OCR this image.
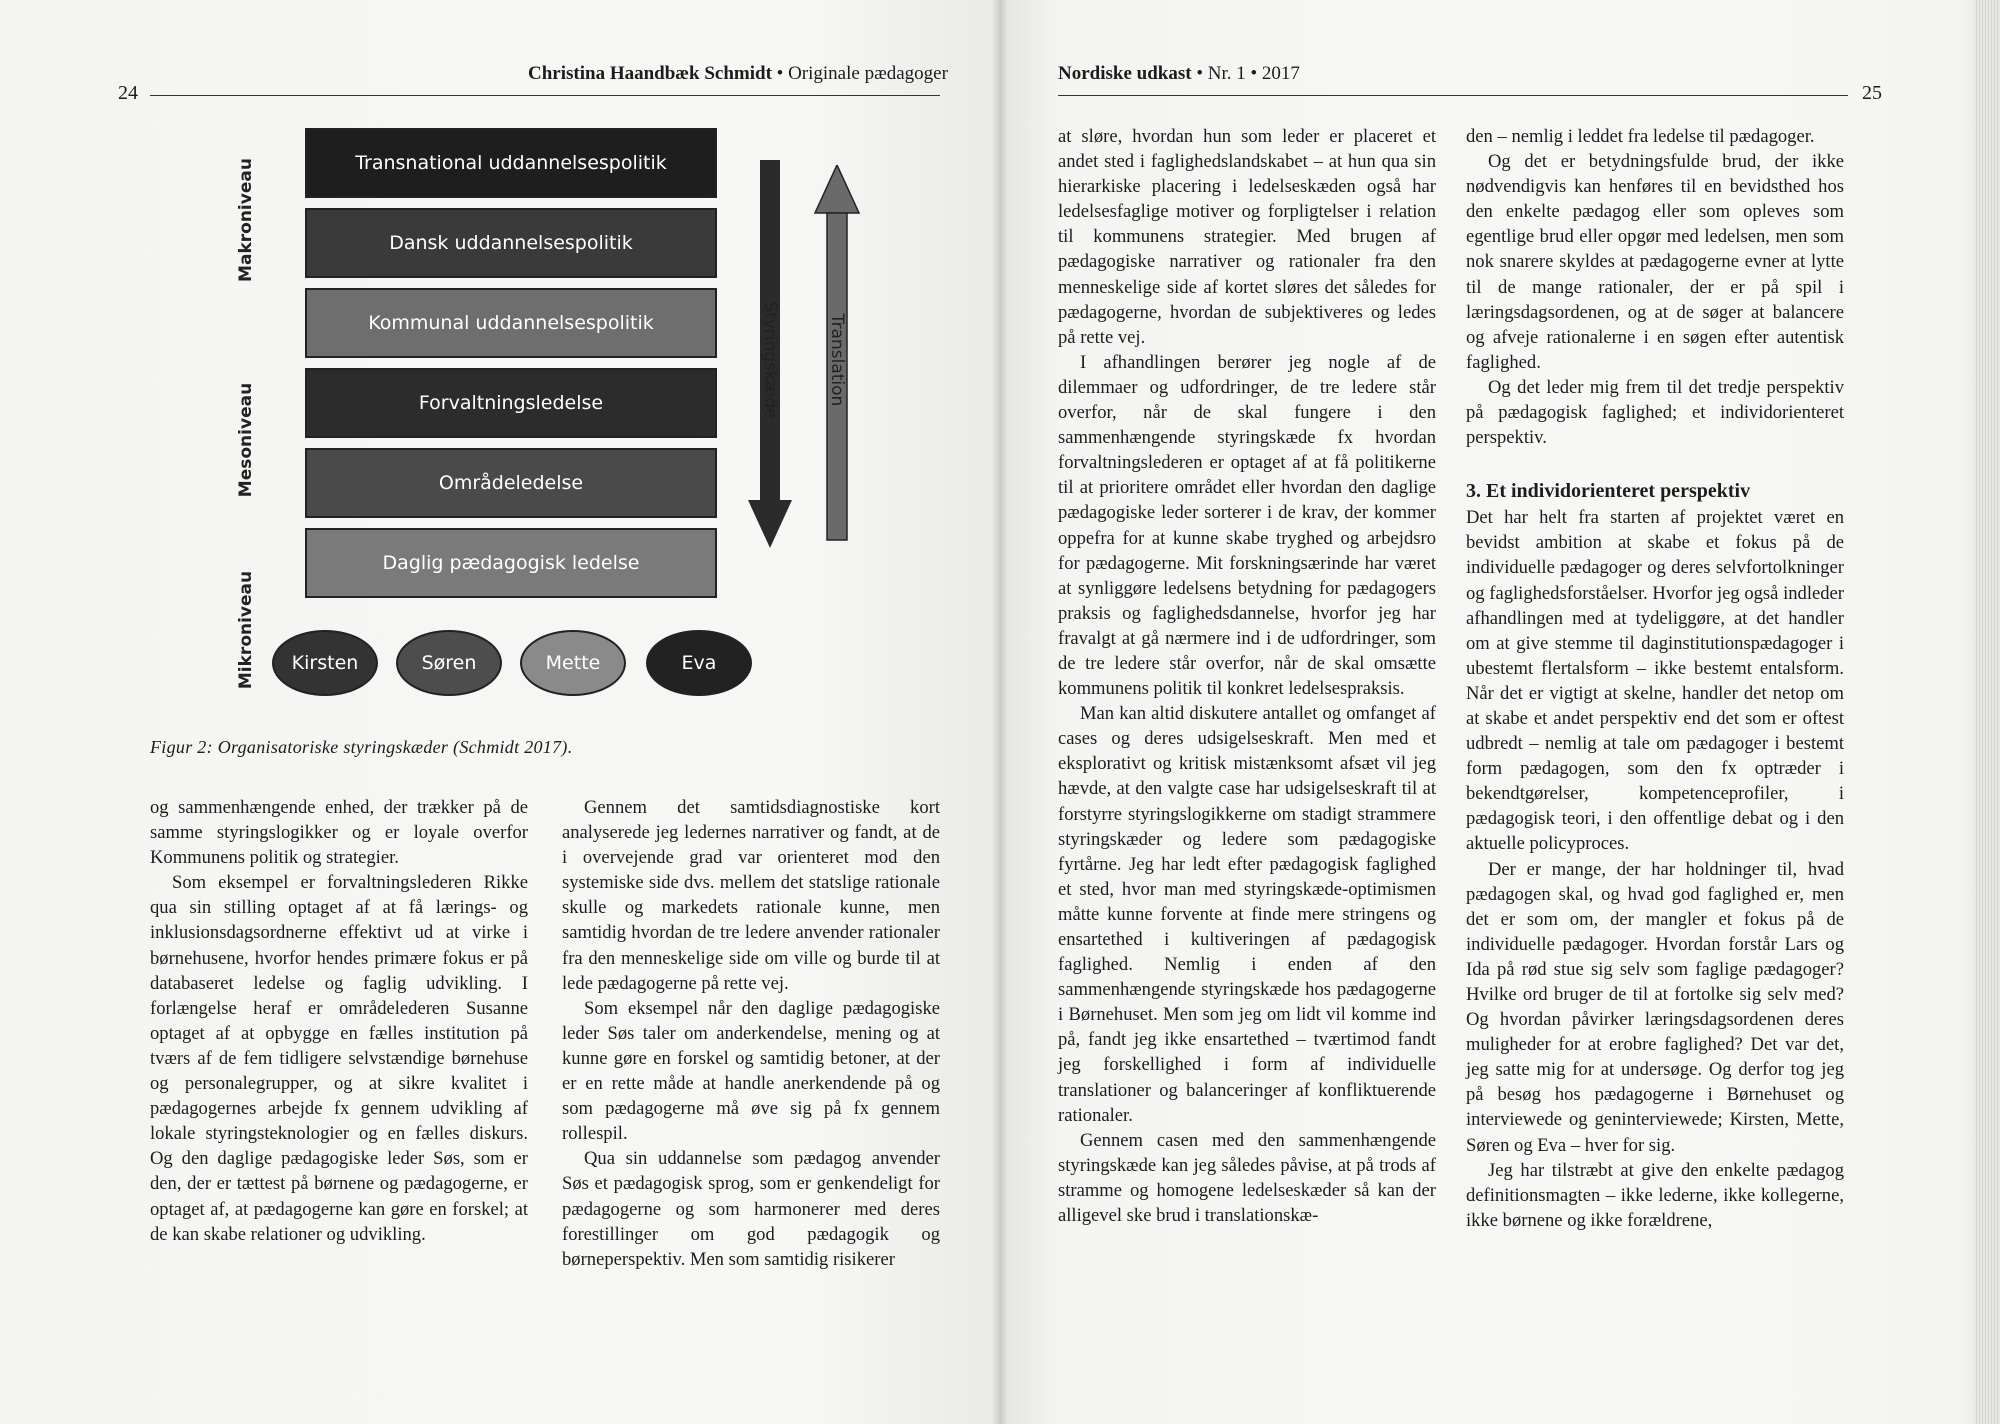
24
Christina Haandbæk Schmidt • Originale pædagoger
Makroniveau
Mesoniveau
Mikroniveau
Transnational uddannelsespolitik
Dansk uddannelsespolitik
Kommunal uddannelsespolitik
Forvaltningsledelse
Områdeledelse
Daglig pædagogisk ledelse
Kirsten	Søren	Mette	Eva
Styringskæde	Translation
Figur 2: Organisatoriske styringskæder (Schmidt 2017).

og sammenhængende enhed, der trækker på de samme styringslogikker og er loyale overfor Kommunens politik og strategier.

Som eksempel er forvaltningslederen Rikke qua sin stilling optaget af at få lærings- og inklusionsdagsordnerne effektivt ud at virke i børnehusene, hvorfor hendes primære fokus er på databaseret ledelse og faglig udvikling. I forlængelse heraf er områdelederen Susanne optaget af at opbygge en fælles institution på tværs af de fem tidligere selvstændige børnehuse og personalegrupper, og at sikre kvalitet i pædagogernes arbejde fx gennem udvikling af lokale styringsteknologier og en fælles diskurs. Og den daglige pædagogiske leder Søs, som er den, der er tættest på børnene og pædagogerne, er optaget af, at pædagogerne kan gøre en forskel; at de kan skabe relationer og udvikling.

Gennem det samtidsdiagnostiske kort analyserede jeg ledernes narrativer og fandt, at de i overvejende grad var orienteret mod den systemiske side dvs. mellem det statslige rationale skulle og markedets rationale kunne, men samtidig hvordan de tre ledere anvender rationaler fra den menneskelige side om ville og burde til at lede pædagogerne på rette vej.

Som eksempel når den daglige pædagogiske leder Søs taler om anderkendelse, mening og at kunne gøre en forskel og samtidig betoner, at der er en rette måde at handle anerkendende på og som pædagogerne må øve sig på fx gennem rollespil.

Qua sin uddannelse som pædagog anvender Søs et pædagogisk sprog, som er genkendeligt for pædagogerne og som harmonerer med deres forestillinger om god pædagogik og børneperspektiv. Men som samtidig risikerer

Nordiske udkast • Nr. 1 • 2017
25

at sløre, hvordan hun som leder er placeret et andet sted i faglighedslandskabet – at hun qua sin hierarkiske placering i ledelseskæden også har ledelsesfaglige motiver og forpligtelser i relation til kommunens strategier. Med brugen af pædagogiske narrativer og rationaler fra den menneskelige side af kortet sløres det således for pædagogerne, hvordan de subjektiveres og ledes på rette vej.

I afhandlingen berører jeg nogle af de dilemmaer og udfordringer, de tre ledere står overfor, når de skal fungere i den sammenhængende styringskæde fx hvordan forvaltningslederen er optaget af at få politikerne til at prioritere området eller hvordan den daglige pædagogiske leder sorterer i de krav, der kommer oppefra for at kunne skabe tryghed og arbejdsro for pædagogerne. Mit forskningsærinde har været at synliggøre ledelsens betydning for pædagogers praksis og faglighedsdannelse, hvorfor jeg har fravalgt at gå nærmere ind i de udfordringer, som de tre ledere står overfor, når de skal omsætte kommunens politik til konkret ledelsespraksis.

Man kan altid diskutere antallet og omfanget af cases og deres udsigelseskraft. Men med et eksplorativt og kritisk mistænksomt afsæt vil jeg hævde, at den valgte case har udsigelseskraft til at forstyrre styringslogikkerne om stadigt strammere styringskæder og ledere som pædagogiske fyrtårne. Jeg har ledt efter pædagogisk faglighed et sted, hvor man med styringskæde-optimismen måtte kunne forvente at finde mere stringens og ensartethed i kultiveringen af pædagogisk faglighed. Nemlig i enden af den sammenhængende styringskæde hos pædagogerne i Børnehuset. Men som jeg om lidt vil komme ind på, fandt jeg ikke ensartethed – tværtimod fandt jeg forskellighed i form af individuelle translationer og balanceringer af konfliktuerende rationaler.

Gennem casen med den sammenhængende styringskæde kan jeg således påvise, at på trods af stramme og homogene ledelseskæder så kan der alligevel ske brud i translationskæ-

den – nemlig i leddet fra ledelse til pædagoger.

Og det er betydningsfulde brud, der ikke nødvendigvis kan henføres til en bevidsthed hos den enkelte pædagog eller som opleves som egentlige brud eller opgør med ledelsen, men som nok snarere skyldes at pædagogerne evner at lytte til de mange rationaler, der er på spil i læringsdagsordenen, og at de søger at balancere og afveje rationalerne i en søgen efter autentisk faglighed.

Og det leder mig frem til det tredje perspektiv på pædagogisk faglighed; et individorienteret perspektiv.

3. Et individorienteret perspektiv

Det har helt fra starten af projektet været en bevidst ambition at skabe et fokus på de individuelle pædagoger og deres selvfortolkninger og faglighedsforståelser. Hvorfor jeg også indleder afhandlingen med at tydeliggøre, at det handler om at give stemme til daginstitutionspædagoger i ubestemt flertalsform – ikke bestemt entalsform. Når det er vigtigt at skelne, handler det netop om at skabe et andet perspektiv end det som er oftest udbredt – nemlig at tale om pædagoger i bestemt form pædagogen, som den fx optræder i bekendtgørelser, kompetenceprofiler, i pædagogisk teori, i den offentlige debat og i den aktuelle policyproces.

Der er mange, der har holdninger til, hvad pædagogen skal, og hvad god faglighed er, men det er som om, der mangler et fokus på de individuelle pædagoger. Hvordan forstår Lars og Ida på rød stue sig selv som faglige pædagoger? Hvilke ord bruger de til at fortolke sig selv med? Og hvordan påvirker læringsdagsordenen deres muligheder for at erobre faglighed? Det var det, jeg satte mig for at undersøge. Og derfor tog jeg på besøg hos pædagogerne i Børnehuset og interviewede og geninterviewede; Kirsten, Mette, Søren og Eva – hver for sig.

Jeg har tilstræbt at give den enkelte pædagog definitionsmagten – ikke lederne, ikke kollegerne, ikke børnene og ikke forældrene,
